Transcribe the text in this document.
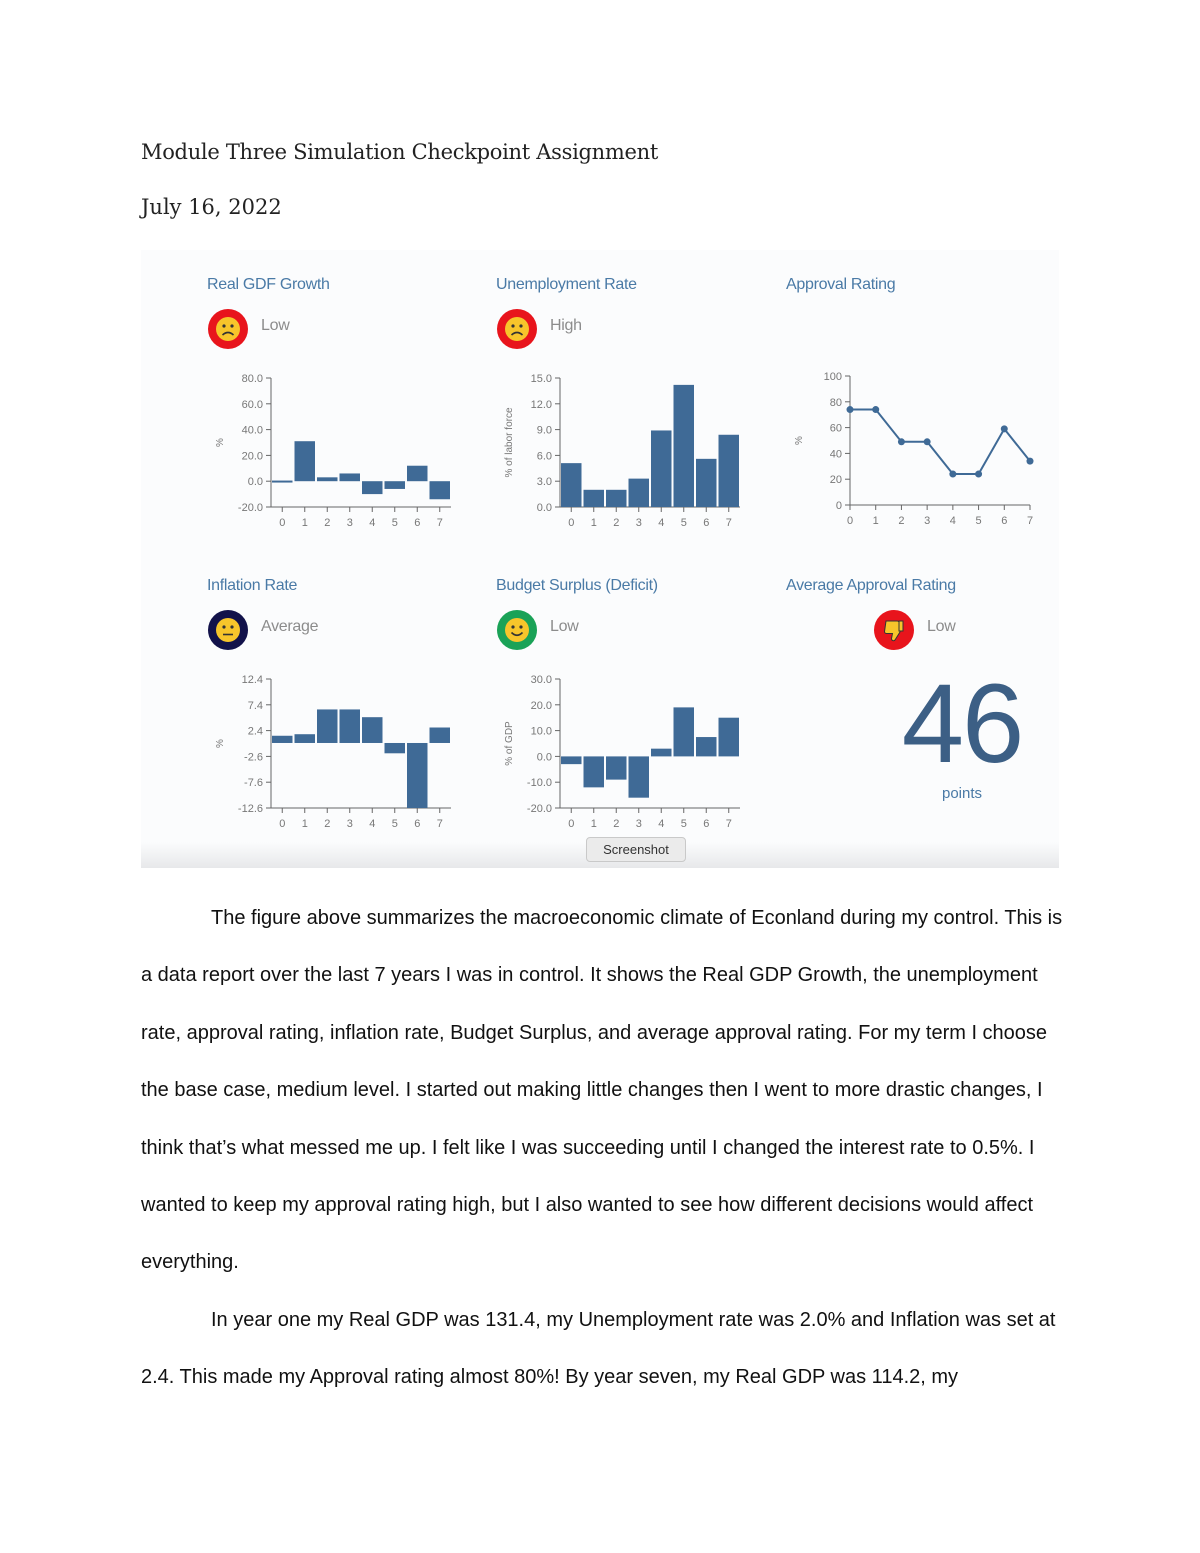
Module Three Simulation Checkpoint Assignment
July 16, 2022
Real GDF Growth
Low
-20.0
0.0
20.0
40.0
60.0
80.0
0 1 2 3 4 5 6 7
%
Unemployment Rate
High
0.0
3.0
6.0
9.0
12.0
15.0
0 1 2 3 4 5 6 7
% of labor force
Approval Rating
0
20
40
60
80
100
0 1 2 3 4 5 6 7
%
Inflation Rate
Average
-12.6
-7.6
-2.6
2.4
7.4
12.4
0 1 2 3 4 5 6 7
%
Budget Surplus (Deficit)
Low
-20.0
-10.0
0.0
10.0
20.0
30.0
0 1 2 3 4 5 6 7
% of GDP
Average Approval Rating
Low
46
points
Screenshot

The figure above summarizes the macroeconomic climate of Econland during my control. This is a data report over the last 7 years I was in control. It shows the Real GDP Growth, the unemployment rate, approval rating, inflation rate, Budget Surplus, and average approval rating. For my term I choose the base case, medium level. I started out making little changes then I went to more drastic changes, I think that’s what messed me up. I felt like I was succeeding until I changed the interest rate to 0.5%. I wanted to keep my approval rating high, but I also wanted to see how different decisions would affect everything.

In year one my Real GDP was 131.4, my Unemployment rate was 2.0% and Inflation was set at 2.4. This made my Approval rating almost 80%! By year seven, my Real GDP was 114.2, my
